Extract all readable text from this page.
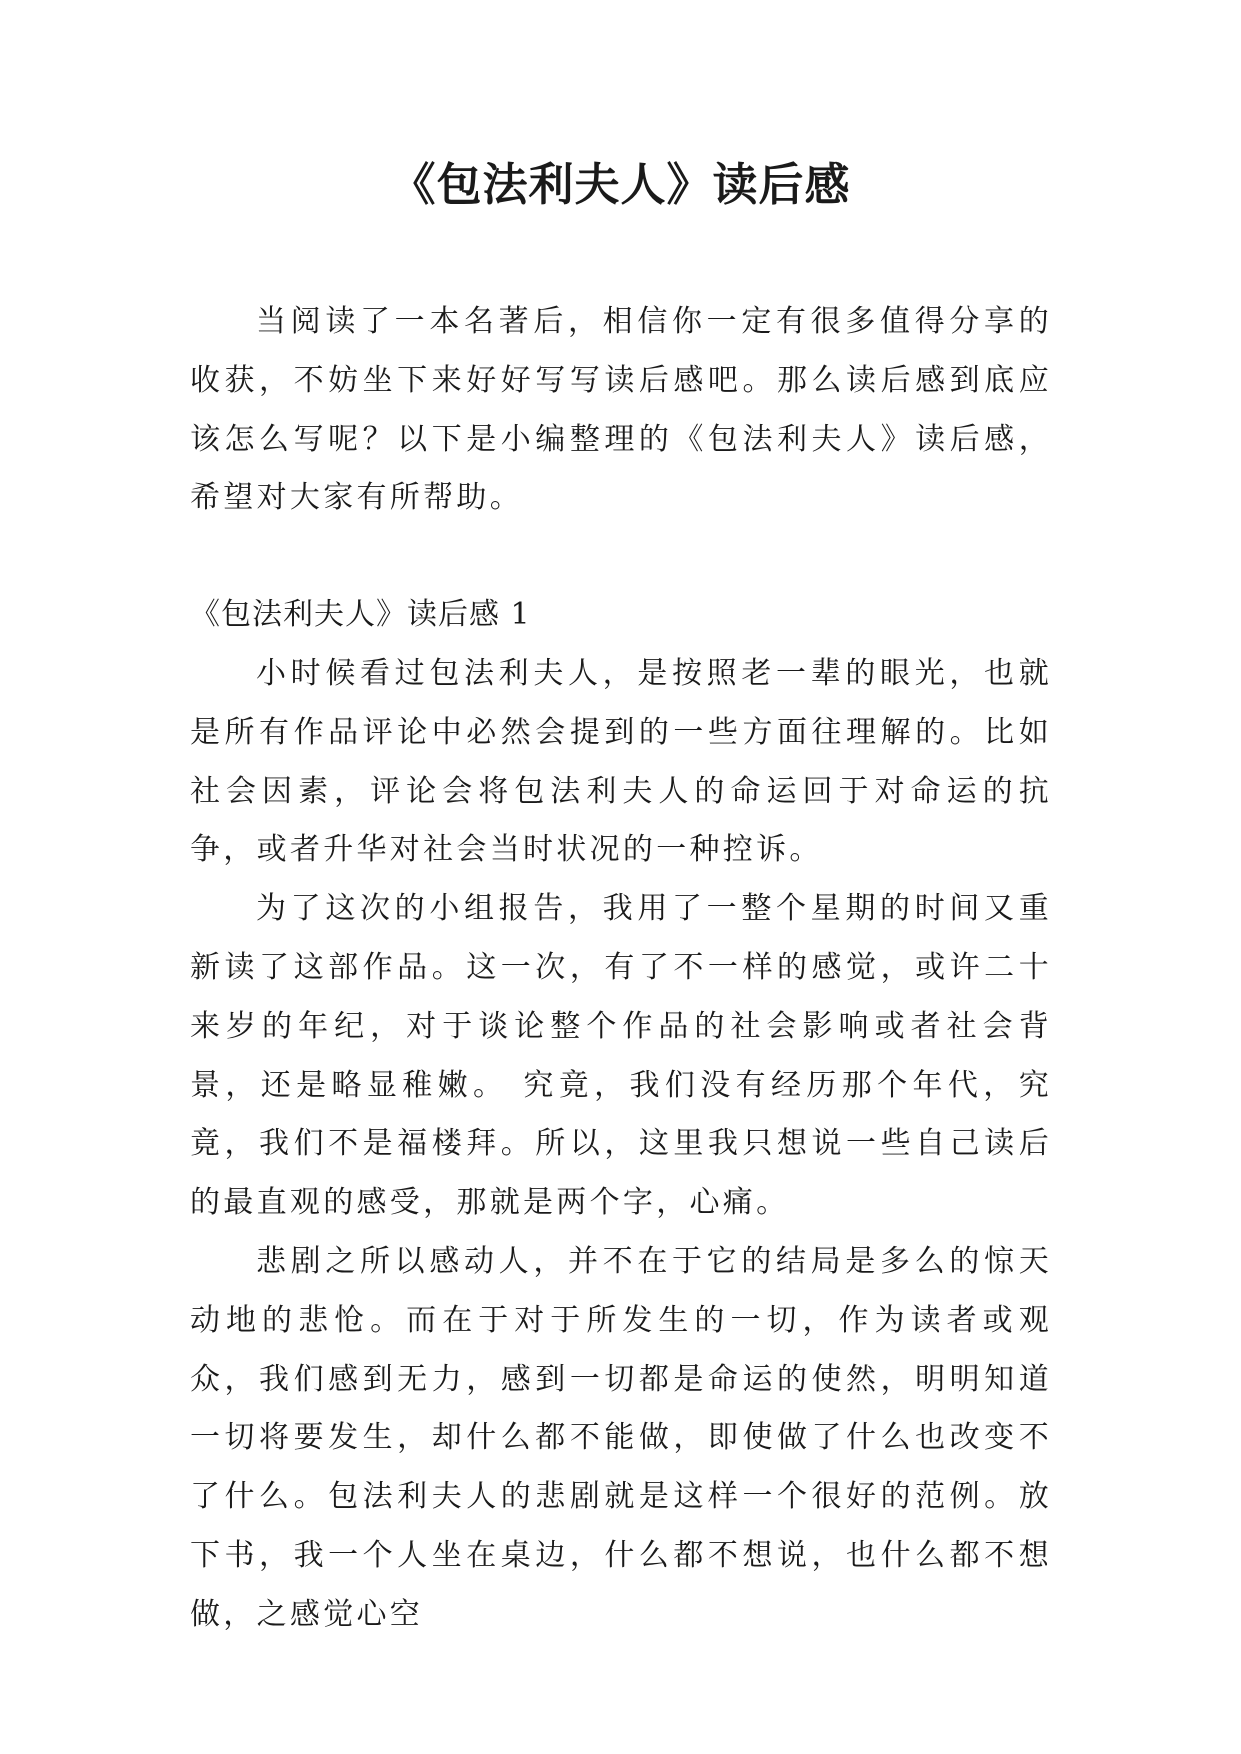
《包法利夫人》读后感

当阅读了一本名著后，相信你一定有很多值得分享的收获，不妨坐下来好好写写读后感吧。那么读后感到底应该怎么写呢？以下是小编整理的《包法利夫人》读后感，希望对大家有所帮助。

《包法利夫人》读后感 1

小时候看过包法利夫人，是按照老一辈的眼光，也就是所有作品评论中必然会提到的一些方面往理解的。比如社会因素，评论会将包法利夫人的命运回于对命运的抗争，或者升华对社会当时状况的一种控诉。

为了这次的小组报告，我用了一整个星期的时间又重新读了这部作品。这一次，有了不一样的感觉，或许二十来岁的年纪，对于谈论整个作品的社会影响或者社会背景，还是略显稚嫩。 究竟，我们没有经历那个年代，究竟，我们不是福楼拜。所以，这里我只想说一些自己读后的最直观的感受，那就是两个字，心痛。

悲剧之所以感动人，并不在于它的结局是多么的惊天动地的悲怆。而在于对于所发生的一切，作为读者或观众，我们感到无力，感到一切都是命运的使然，明明知道一切将要发生，却什么都不能做，即使做了什么也改变不了什么。包法利夫人的悲剧就是这样一个很好的范例。放下书，我一个人坐在桌边，什么都不想说，也什么都不想做，之感觉心空
